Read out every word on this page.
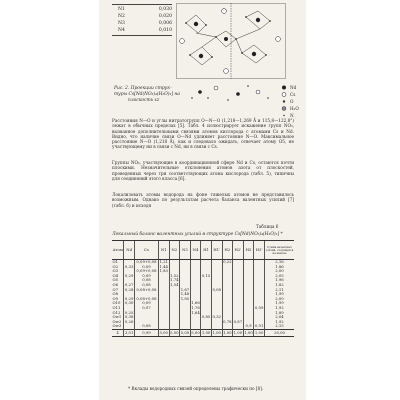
N1	0,030
N2	0,020
N3	0,006
N4	0,010
Рис. 2. Проекции струк-
туры Cs[Nd(NO₃)₄(H₂O)₂] на
плоскость xz
Nd
Cs
O
H₂O
N
Расстояния N—O и углы нитратогрупп O—N—O (1,218—1,269 Å и 115,8—122,8°) лежат в обычных пределах [5]. Табл. 4 иллюстрирует искажение групп NO₃, вызванное дополнительными связями атомов кислорода с атомами Cs и Nd. Видно, что наличие связи O—Nd удлиняет расстояние N—O. Максимальное расстояние N—O (1,218 Å), как и следовало ожидать, отвечает атому O5, не участвующему ни в связи с Nd, ни в связи с Cs.
Группы NO₃, участвующие в координационной сфере Nd и Cs, остаются почти плоскими. Незначительные отклонения атомов азота от плоскостей, проведенных через три соответствующих атома кислорода (табл. 5), типичны для соединений этого класса [6].
Локализовать атомы водорода на фоне тяжелых атомов не представилось возможным. Однако по результатам расчета баланса валентных усилий [7] (табл. 6) и исходя
Таблица 6
Локальный баланс валентных усилий в структуре Cs[Nd(NO₃)₄(H₂O)₂] *
Атом	Nd	Cs	N1	N2	N3	N4	H1	H1'	H2	H2'	H3	H3'	Сумма валентных усилий, сходящихся на анионе
O1		0,09+0,08	1,21						0,22				2,16
O2	0,33	0,09	1,44										1,86
O3		0,09+0,08	1,83										2,00
O4	0,29	0,09		1,52			0,15						2,05
O5		0,08		1,74									1,96
O6	0,27	0,08		1,54									1,82
O7	0,28	0,08+0,08			1,67			0,08					2,11
O8					1,48								1,99
O9	0,29	0,08+0,08			1,85								2,00
O10	0,30	0,09				1,66							1,99
O11		0,07				1,76						0,09	1,92
O12	0,25					1,64							1,89
Ow1	0,38						0,85	0,32					2,04
Ow2	0,26								0,78	0,87			1,92
Ow3		0,08									0,9	0,91	2,15
Σ	3,01	0,99	5,00	5,00	5,00	5,00	1,00	1,00	1,00	1,00	1,00	1,00	20,00
* Вклады водородных связей определены графически по [8].
